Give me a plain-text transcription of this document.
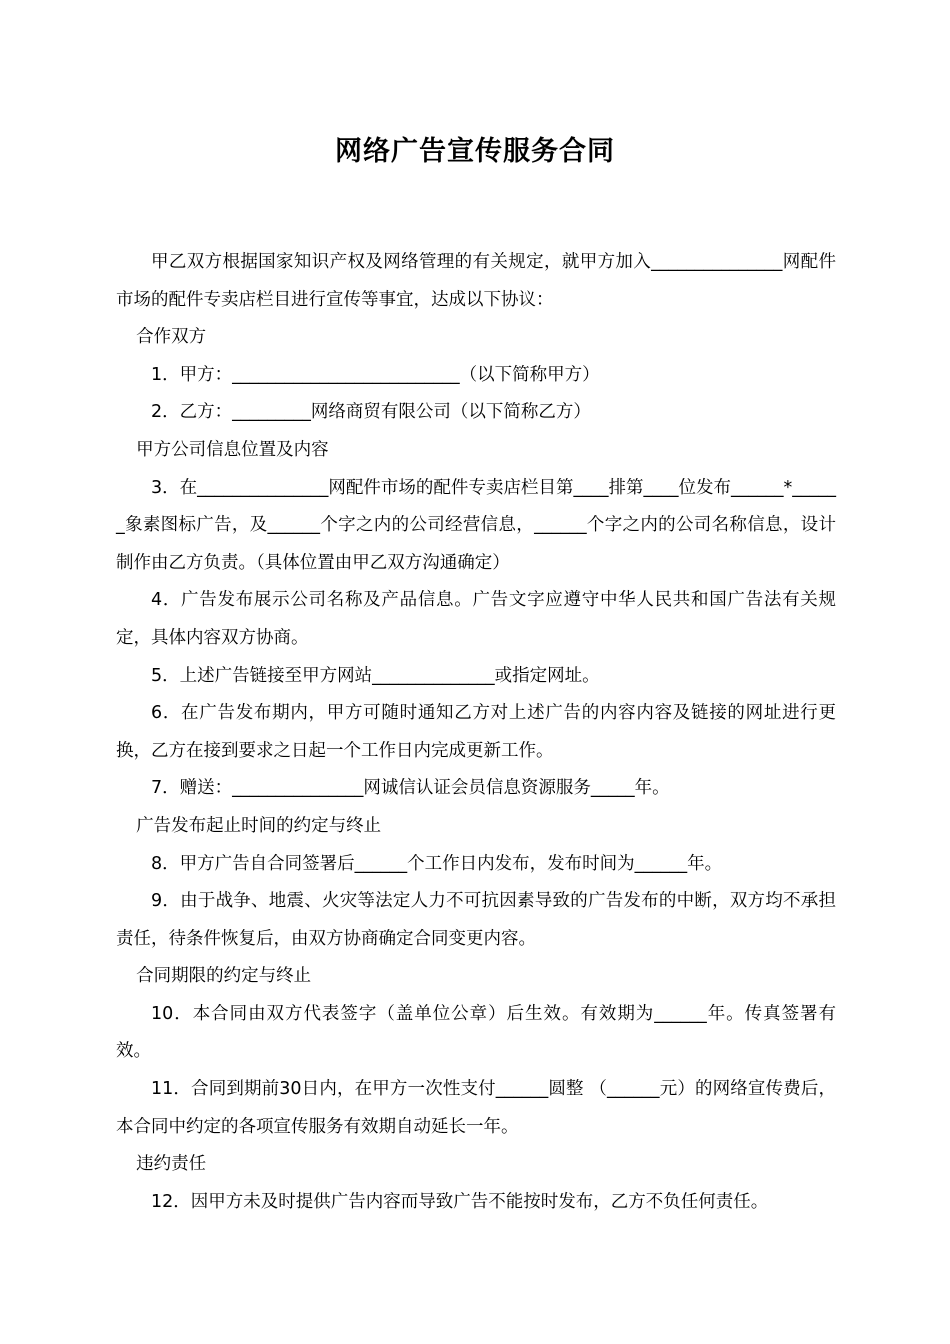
网络广告宣传服务合同

甲乙双方根据国家知识产权及网络管理的有关规定，就甲方加入_______________网配件市场的配件专卖店栏目进行宣传等事宜，达成以下协议：

合作双方

1．甲方：__________________________（以下简称甲方）

2．乙方：_________网络商贸有限公司（以下简称乙方）

甲方公司信息位置及内容

3．在_______________网配件市场的配件专卖店栏目第____排第____位发布______*______象素图标广告，及______个字之内的公司经营信息，______个字之内的公司名称信息，设计制作由乙方负责。（具体位置由甲乙双方沟通确定）

4．广告发布展示公司名称及产品信息。广告文字应遵守中华人民共和国广告法有关规定，具体内容双方协商。

5．上述广告链接至甲方网站______________或指定网址。

6．在广告发布期内，甲方可随时通知乙方对上述广告的内容内容及链接的网址进行更换，乙方在接到要求之日起一个工作日内完成更新工作。

7．赠送：_______________网诚信认证会员信息资源服务_____年。

广告发布起止时间的约定与终止

8．甲方广告自合同签署后______个工作日内发布，发布时间为______年。

9．由于战争、地震、火灾等法定人力不可抗因素导致的广告发布的中断，双方均不承担责任，待条件恢复后，由双方协商确定合同变更内容。

合同期限的约定与终止

10．本合同由双方代表签字（盖单位公章）后生效。有效期为______年。传真签署有效。

11．合同到期前30日内，在甲方一次性支付______圆整 （______元）的网络宣传费后，本合同中约定的各项宣传服务有效期自动延长一年。

违约责任

12．因甲方未及时提供广告内容而导致广告不能按时发布，乙方不负任何责任。
